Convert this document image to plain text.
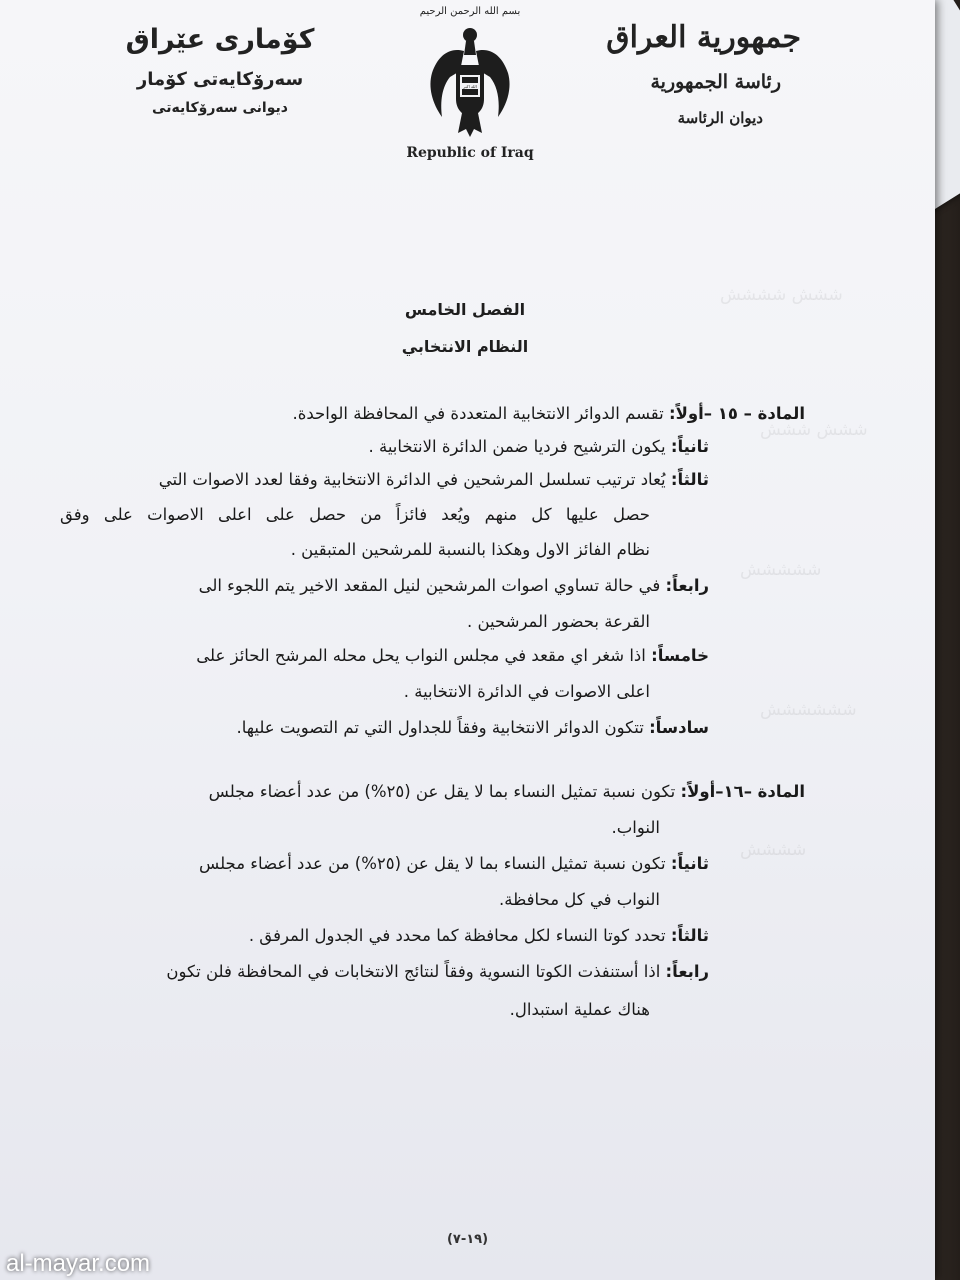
ششش شششش
ششش ششش
ششششش
شششششش
شششش
جمهورية العراق
رئاسة الجمهورية
ديوان الرئاسة
بسم الله الرحمن الرحيم
الله اكبر
Republic of Iraq
كۆمارى عێراق
سەرۆكايەتى كۆمار
ديوانى سەرۆكايەتى
الفصل الخامس
النظام الانتخابي
المادة – ١٥ –أولاً: تقسم الدوائر الانتخابية المتعددة في المحافظة الواحدة.
ثانياً: يكون الترشيح فرديا ضمن الدائرة الانتخابية .
ثالثاً: يُعاد ترتيب تسلسل المرشحين في الدائرة الانتخابية وفقا لعدد الاصوات التي
حصل عليها كل منهم ويُعد فائزاً من حصل على اعلى الاصوات على وفق
نظام الفائز الاول وهكذا بالنسبة للمرشحين المتبقين .
رابعاً: في حالة تساوي اصوات المرشحين لنيل المقعد الاخير يتم اللجوء الى
القرعة بحضور المرشحين .
خامساً: اذا شغر اي مقعد في مجلس النواب يحل محله المرشح الحائز على
اعلى الاصوات في الدائرة الانتخابية .
سادساً: تتكون الدوائر الانتخابية وفقاً للجداول التي تم التصويت عليها.
المادة –١٦–أولاً: تكون نسبة تمثيل النساء بما لا يقل عن (٢٥%) من عدد أعضاء مجلس
النواب.
ثانياً: تكون نسبة تمثيل النساء بما لا يقل عن (٢٥%) من عدد أعضاء مجلس
النواب في كل محافظة.
ثالثاً: تحدد كوتا النساء لكل محافظة كما محدد في الجدول المرفق .
رابعاً: اذا أستنفذت الكوتا النسوية وفقاً لنتائج الانتخابات في المحافظة فلن تكون
هناك عملية استبدال.
(١٩-٧)
al-mayar.com
